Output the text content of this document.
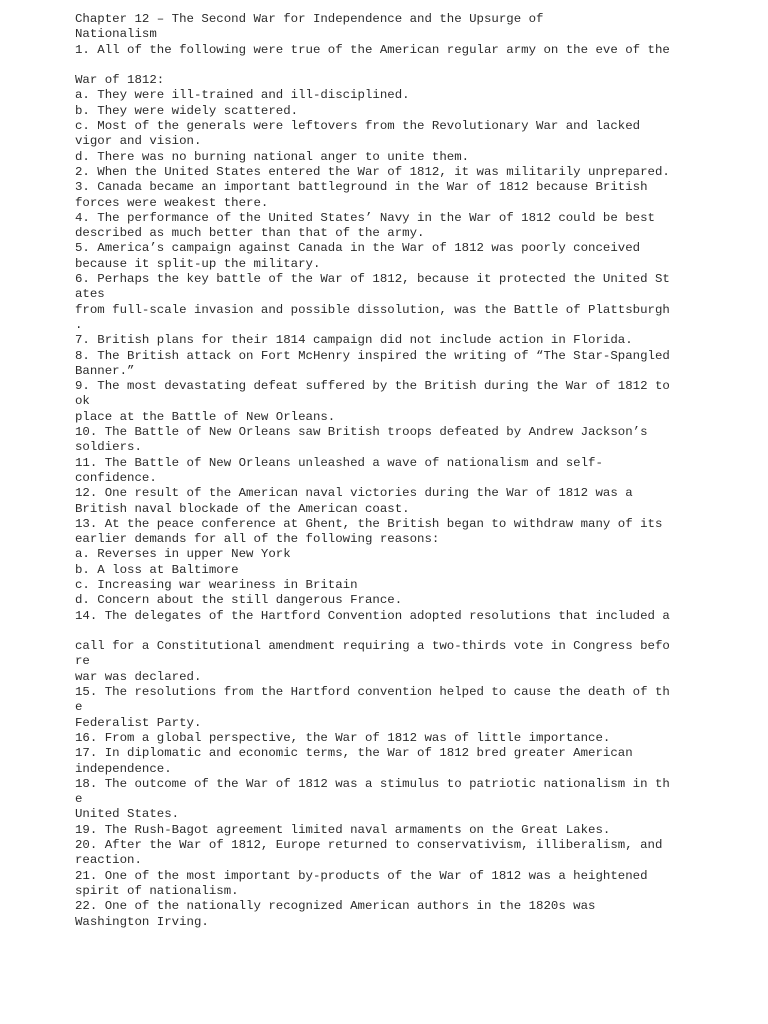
Chapter 12 – The Second War for Independence and the Upsurge of
Nationalism
1. All of the following were true of the American regular army on the eve of the
War of 1812:
a. They were ill-trained and ill-disciplined.
b. They were widely scattered.
c. Most of the generals were leftovers from the Revolutionary War and lacked
vigor and vision.
d. There was no burning national anger to unite them.
2. When the United States entered the War of 1812, it was militarily unprepared.
3. Canada became an important battleground in the War of 1812 because British
forces were weakest there.
4. The performance of the United States’ Navy in the War of 1812 could be best
described as much better than that of the army.
5. America’s campaign against Canada in the War of 1812 was poorly conceived
because it split-up the military.
6. Perhaps the key battle of the War of 1812, because it protected the United St
ates
from full-scale invasion and possible dissolution, was the Battle of Plattsburgh
.
7. British plans for their 1814 campaign did not include action in Florida.
8. The British attack on Fort McHenry inspired the writing of “The Star-Spangled
Banner.”
9. The most devastating defeat suffered by the British during the War of 1812 to
ok
place at the Battle of New Orleans.
10. The Battle of New Orleans saw British troops defeated by Andrew Jackson’s
soldiers.
11. The Battle of New Orleans unleashed a wave of nationalism and self-
confidence.
12. One result of the American naval victories during the War of 1812 was a
British naval blockade of the American coast.
13. At the peace conference at Ghent, the British began to withdraw many of its
earlier demands for all of the following reasons:
a. Reverses in upper New York
b. A loss at Baltimore
c. Increasing war weariness in Britain
d. Concern about the still dangerous France.
14. The delegates of the Hartford Convention adopted resolutions that included a
call for a Constitutional amendment requiring a two-thirds vote in Congress befo
re
war was declared.
15. The resolutions from the Hartford convention helped to cause the death of th
e
Federalist Party.
16. From a global perspective, the War of 1812 was of little importance.
17. In diplomatic and economic terms, the War of 1812 bred greater American
independence.
18. The outcome of the War of 1812 was a stimulus to patriotic nationalism in th
e
United States.
19. The Rush-Bagot agreement limited naval armaments on the Great Lakes.
20. After the War of 1812, Europe returned to conservativism, illiberalism, and
reaction.
21. One of the most important by-products of the War of 1812 was a heightened
spirit of nationalism.
22. One of the nationally recognized American authors in the 1820s was
Washington Irving.
